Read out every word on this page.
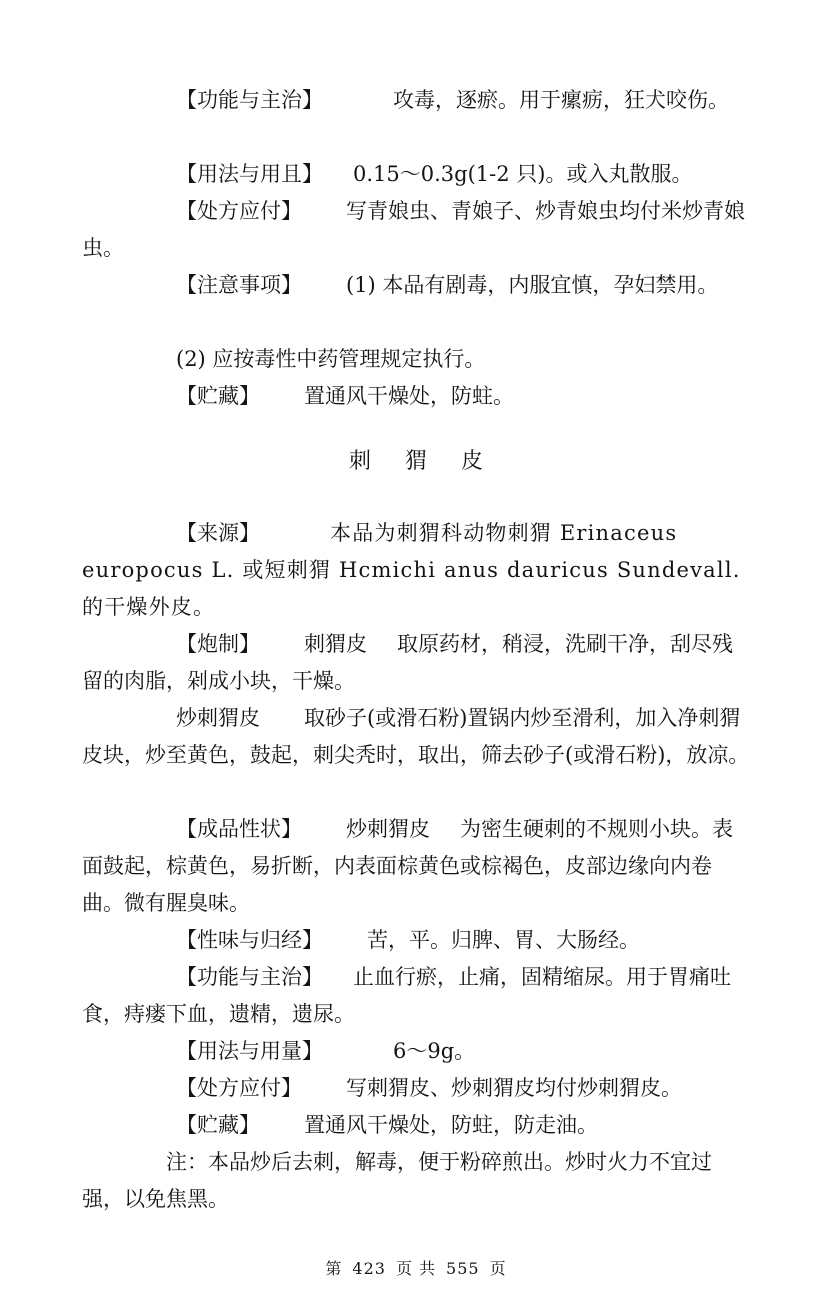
【功能与主治】	攻毒，逐瘀。用于瘰疬，狂犬咬伤。

【用法与用且】 0.15～0.3g(1-2 只)。或入丸散服。

【处方应付】 写青娘虫、青娘子、炒青娘虫均付米炒青娘虫。

【注意事项】 (1) 本品有剧毒，内服宜慎，孕妇禁用。

(2) 应按毒性中药管理规定执行。

【贮藏】 置通风干燥处，防蛀。

刺猬皮

【来源】	本品为刺猬科动物刺猬 Erinaceus europocus L. 或短刺猬 Hcmichi anus dauricus Sundevall. 的干燥外皮。

【炮制】 刺猬皮 取原药材，稍浸，洗刷干净，刮尽残留的肉脂，剁成小块，干燥。

炒刺猬皮 取砂子(或滑石粉)置锅内炒至滑利，加入净刺猬皮块，炒至黄色，鼓起，刺尖秃时，取出，筛去砂子(或滑石粉)，放凉。

【成品性状】 炒刺猬皮 为密生硬刺的不规则小块。表面鼓起，棕黄色，易折断，内表面棕黄色或棕褐色，皮部边缘向内卷曲。微有腥臭味。

【性味与归经】 苦，平。归脾、胃、大肠经。

【功能与主治】 止血行瘀，止痛，固精缩尿。用于胃痛吐食，痔瘘下血，遗精，遗尿。

【用法与用量】	6～9g。

【处方应付】 写刺猬皮、炒刺猬皮均付炒刺猬皮。

【贮藏】 置通风干燥处，防蛀，防走油。

注：本品炒后去刺，解毒，便于粉碎煎出。炒时火力不宜过强，以免焦黑。

第 423 页 共 555 页
